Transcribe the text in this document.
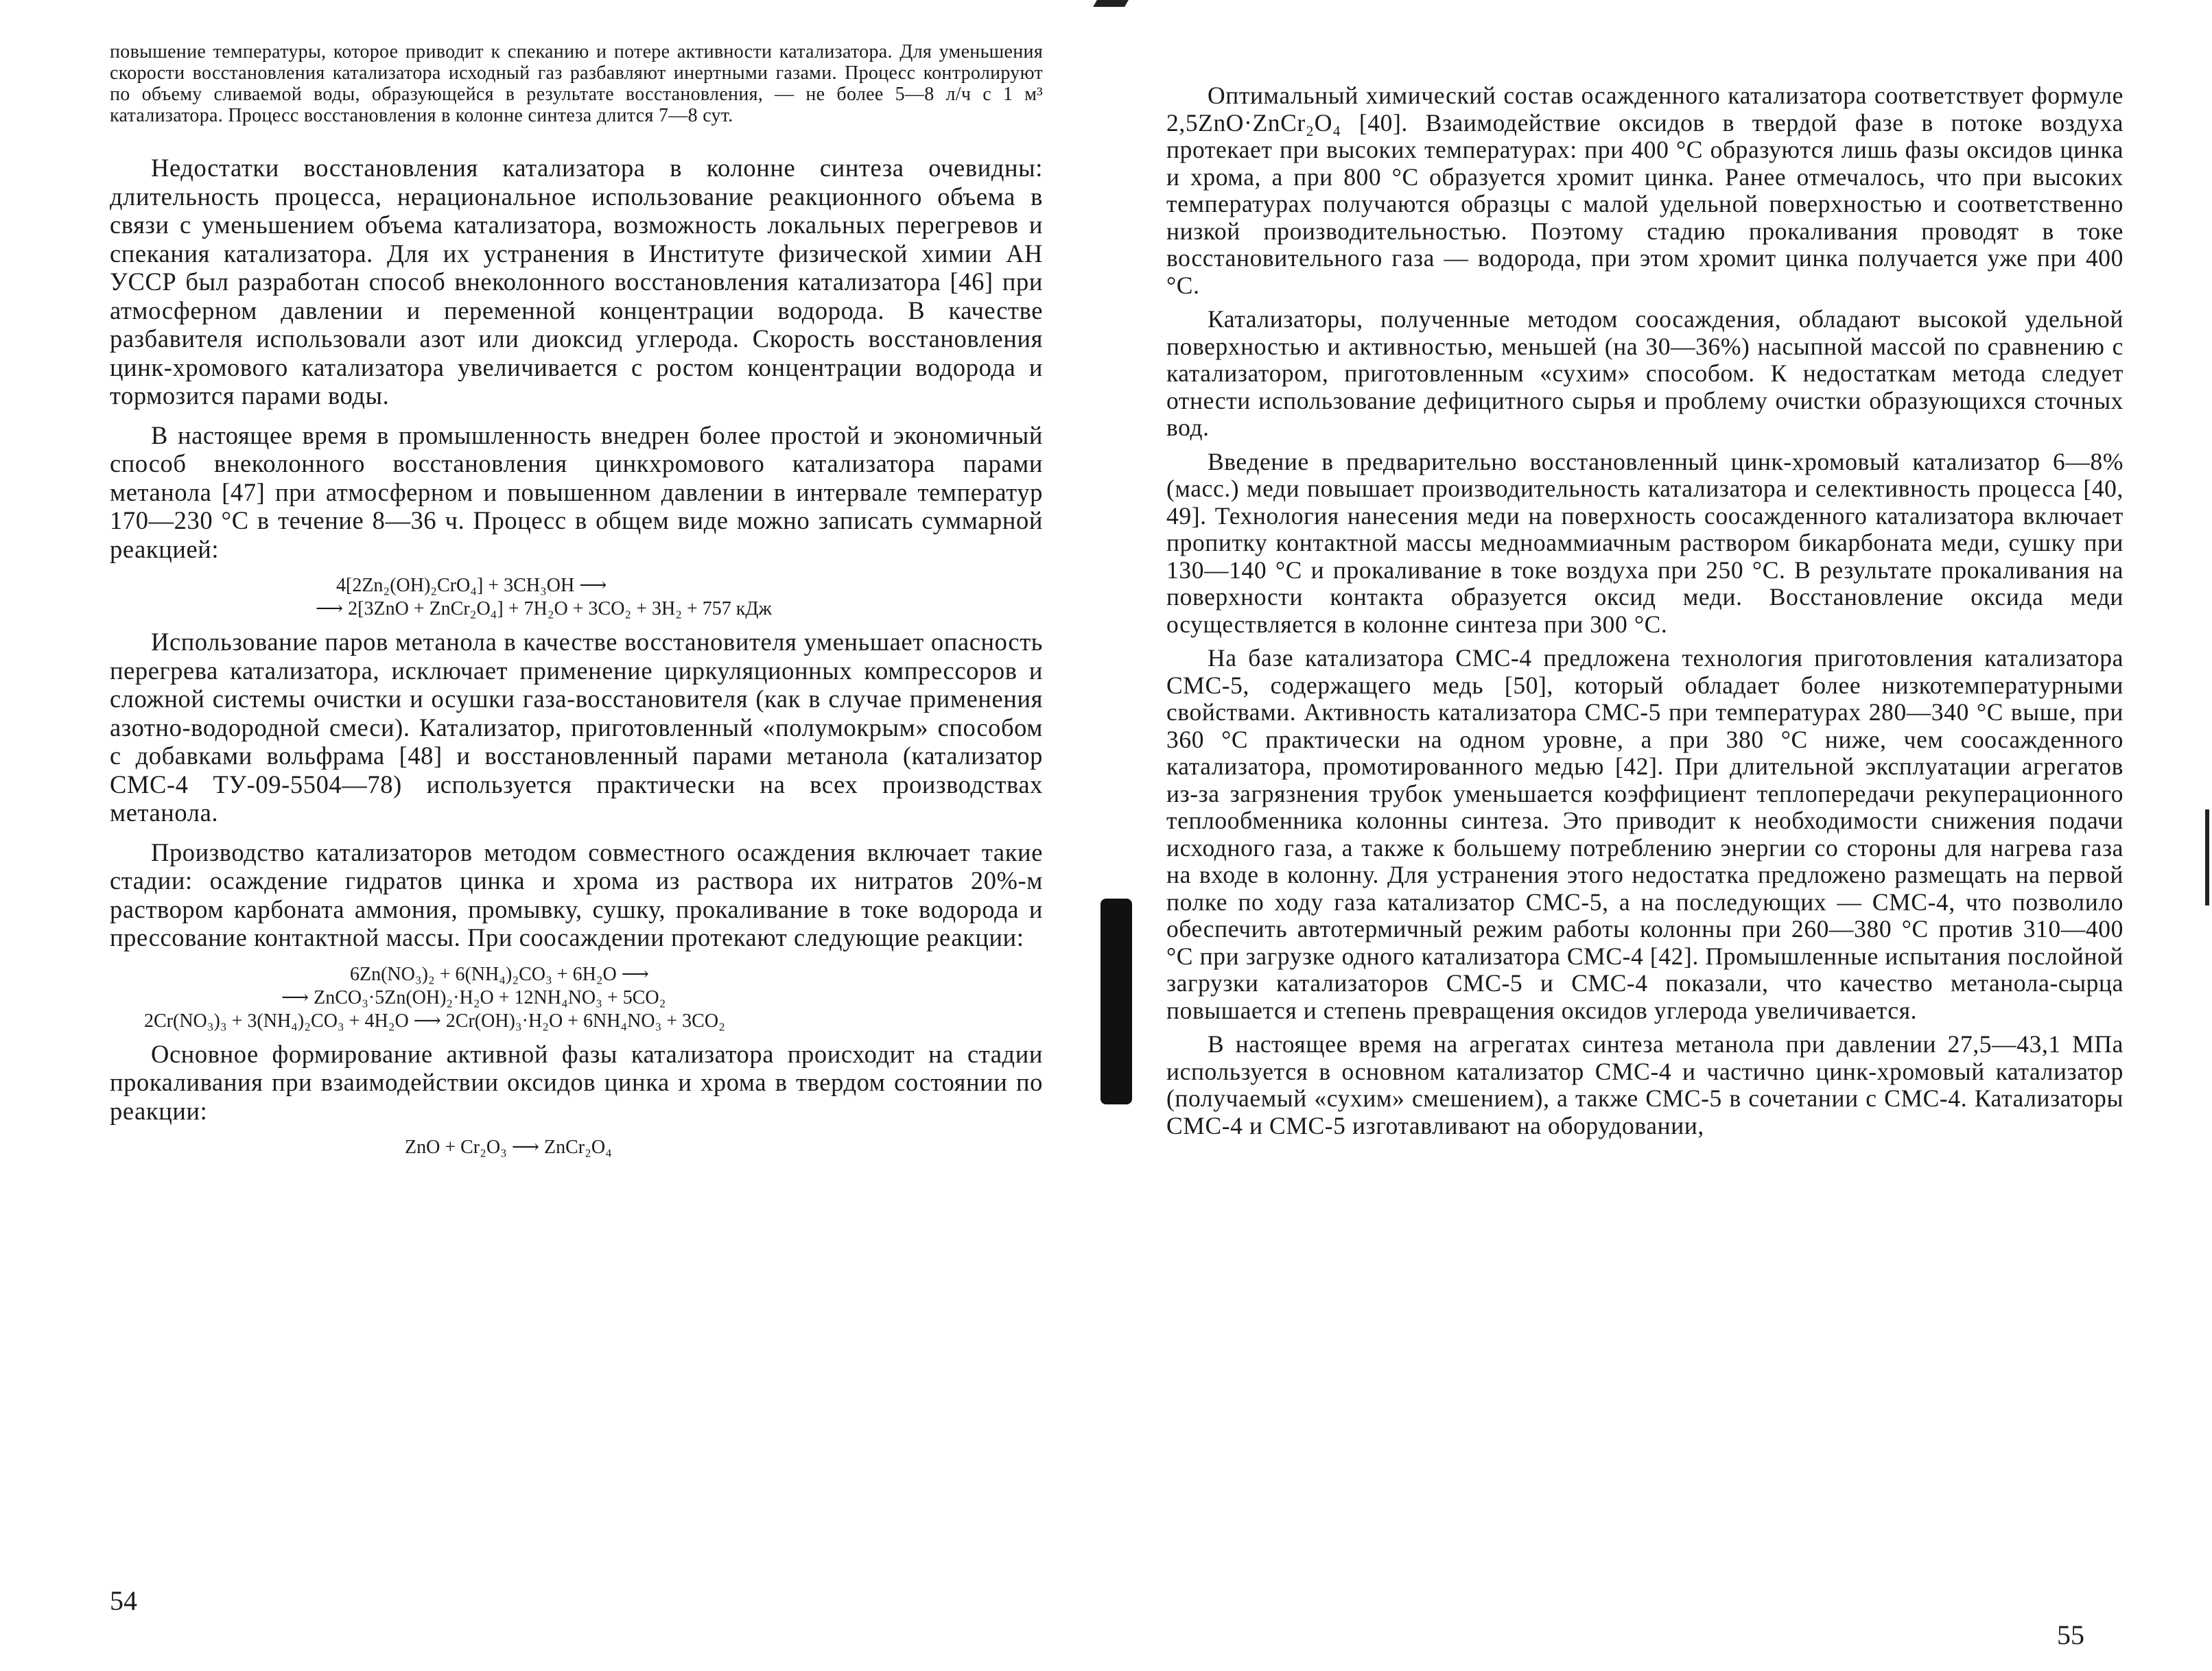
повышение температуры, которое приводит к спеканию и потере активности катализатора. Для уменьшения скорости восстановления катализатора исходный газ разбавляют инертными газами. Процесс контролируют по объему сливаемой воды, образующейся в результате восстановления, — не более 5—8 л/ч с 1 м³ катализатора. Процесс восстановления в колонне синтеза длится 7—8 сут.

Недостатки восстановления катализатора в колонне синтеза очевидны: длительность процесса, нерациональное использование реакционного объема в связи с уменьшением объема катализатора, возможность локальных перегревов и спекания катализатора. Для их устранения в Институте физической химии АН УССР был разработан способ внеколонного восстановления катализатора [46] при атмосферном давлении и переменной концентрации водорода. В качестве разбавителя использовали азот или диоксид углерода. Скорость восстановления цинк-хромового катализатора увеличивается с ростом концентрации водорода и тормозится парами воды.

В настоящее время в промышленность внедрен более простой и экономичный способ внеколонного восстановления цинкхромового катализатора парами метанола [47] при атмосферном и повышенном давлении в интервале температур 170—230 °С в течение 8—36 ч. Процесс в общем виде можно записать суммарной реакцией:

4[2Zn₂(OH)₂CrO₄] + 3CH₃OH ⟶
⟶ 2[3ZnO + ZnCr₂O₄] + 7H₂O + 3CO₂ + 3H₂ + 757 кДж

Использование паров метанола в качестве восстановителя уменьшает опасность перегрева катализатора, исключает применение циркуляционных компрессоров и сложной системы очистки и осушки газа-восстановителя (как в случае применения азотно-водородной смеси). Катализатор, приготовленный «полумокрым» способом с добавками вольфрама [48] и восстановленный парами метанола (катализатор СМС-4 ТУ-09-5504—78) используется практически на всех производствах метанола.

Производство катализаторов методом совместного осаждения включает такие стадии: осаждение гидратов цинка и хрома из раствора их нитратов 20%-м раствором карбоната аммония, промывку, сушку, прокаливание в токе водорода и прессование контактной массы. При соосаждении протекают следующие реакции:

6Zn(NO₃)₂ + 6(NH₄)₂CO₃ + 6H₂O ⟶
⟶ ZnCO₃·5Zn(OH)₂·H₂O + 12NH₄NO₃ + 5CO₂
2Cr(NO₃)₃ + 3(NH₄)₂CO₃ + 4H₂O ⟶ 2Cr(OH)₃·H₂O + 6NH₄NO₃ + 3CO₂

Основное формирование активной фазы катализатора происходит на стадии прокаливания при взаимодействии оксидов цинка и хрома в твердом состоянии по реакции:

ZnO + Cr₂O₃ ⟶ ZnCr₂O₄
54

Оптимальный химический состав осажденного катализатора соответствует формуле 2,5ZnO·ZnCr₂O₄ [40]. Взаимодействие оксидов в твердой фазе в потоке воздуха протекает при высоких температурах: при 400 °С образуются лишь фазы оксидов цинка и хрома, а при 800 °С образуется хромит цинка. Ранее отмечалось, что при высоких температурах получаются образцы с малой удельной поверхностью и соответственно низкой производительностью. Поэтому стадию прокаливания проводят в токе восстановительного газа — водорода, при этом хромит цинка получается уже при 400 °С.

Катализаторы, полученные методом соосаждения, обладают высокой удельной поверхностью и активностью, меньшей (на 30—36%) насыпной массой по сравнению с катализатором, приготовленным «сухим» способом. К недостаткам метода следует отнести использование дефицитного сырья и проблему очистки образующихся сточных вод.

Введение в предварительно восстановленный цинк-хромовый катализатор 6—8% (масс.) меди повышает производительность катализатора и селективность процесса [40, 49]. Технология нанесения меди на поверхность соосажденного катализатора включает пропитку контактной массы медноаммиачным раствором бикарбоната меди, сушку при 130—140 °С и прокаливание в токе воздуха при 250 °С. В результате прокаливания на поверхности контакта образуется оксид меди. Восстановление оксида меди осуществляется в колонне синтеза при 300 °С.

На базе катализатора СМС-4 предложена технология приготовления катализатора СМС-5, содержащего медь [50], который обладает более низкотемпературными свойствами. Активность катализатора СМС-5 при температурах 280—340 °С выше, при 360 °С практически на одном уровне, а при 380 °С ниже, чем соосажденного катализатора, промотированного медью [42]. При длительной эксплуатации агрегатов из-за загрязнения трубок уменьшается коэффициент теплопередачи рекуперационного теплообменника колонны синтеза. Это приводит к необходимости снижения подачи исходного газа, а также к большему потреблению энергии со стороны для нагрева газа на входе в колонну. Для устранения этого недостатка предложено размещать на первой полке по ходу газа катализатор СМС-5, а на последующих — СМС-4, что позволило обеспечить автотермичный режим работы колонны при 260—380 °С против 310—400 °С при загрузке одного катализатора СМС-4 [42]. Промышленные испытания послойной загрузки катализаторов СМС-5 и СМС-4 показали, что качество метанола-сырца повышается и степень превращения оксидов углерода увеличивается.

В настоящее время на агрегатах синтеза метанола при давлении 27,5—43,1 МПа используется в основном катализатор СМС-4 и частично цинк-хромовый катализатор (получаемый «сухим» смешением), а также СМС-5 в сочетании с СМС-4. Катализаторы СМС-4 и СМС-5 изготавливают на оборудовании,

55
